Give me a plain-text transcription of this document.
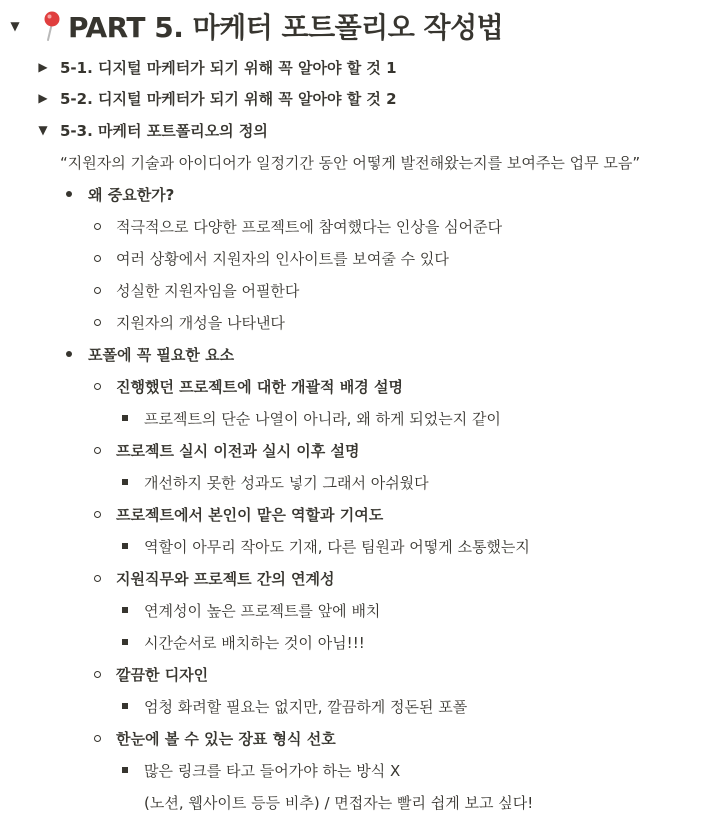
▼ PART 5. 마케터 포트폴리오 작성법
▶ 5-1. 디지털 마케터가 되기 위해 꼭 알아야 할 것 1
▶ 5-2. 디지털 마케터가 되기 위해 꼭 알아야 할 것 2
▼ 5-3. 마케터 포트폴리오의 정의
“지원자의 기술과 아이디어가 일정기간 동안 어떻게 발전해왔는지를 보여주는 업무 모음”
왜 중요한가?
적극적으로 다양한 프로젝트에 참여했다는 인상을 심어준다
여러 상황에서 지원자의 인사이트를 보여줄 수 있다
성실한 지원자임을 어필한다
지원자의 개성을 나타낸다
포폴에 꼭 필요한 요소
진행했던 프로젝트에 대한 개괄적 배경 설명
프로젝트의 단순 나열이 아니라, 왜 하게 되었는지 같이
프로젝트 실시 이전과 실시 이후 설명
개선하지 못한 성과도 넣기 그래서 아쉬웠다
프로젝트에서 본인이 맡은 역할과 기여도
역할이 아무리 작아도 기재, 다른 팀원과 어떻게 소통했는지
지원직무와 프로젝트 간의 연계성
연계성이 높은 프로젝트를 앞에 배치
시간순서로 배치하는 것이 아님!!!
깔끔한 디자인
엄청 화려할 필요는 없지만, 깔끔하게 정돈된 포폴
한눈에 볼 수 있는 장표 형식 선호
많은 링크를 타고 들어가야 하는 방식 X
(노션, 웹사이트 등등 비추) / 면접자는 빨리 쉽게 보고 싶다!
